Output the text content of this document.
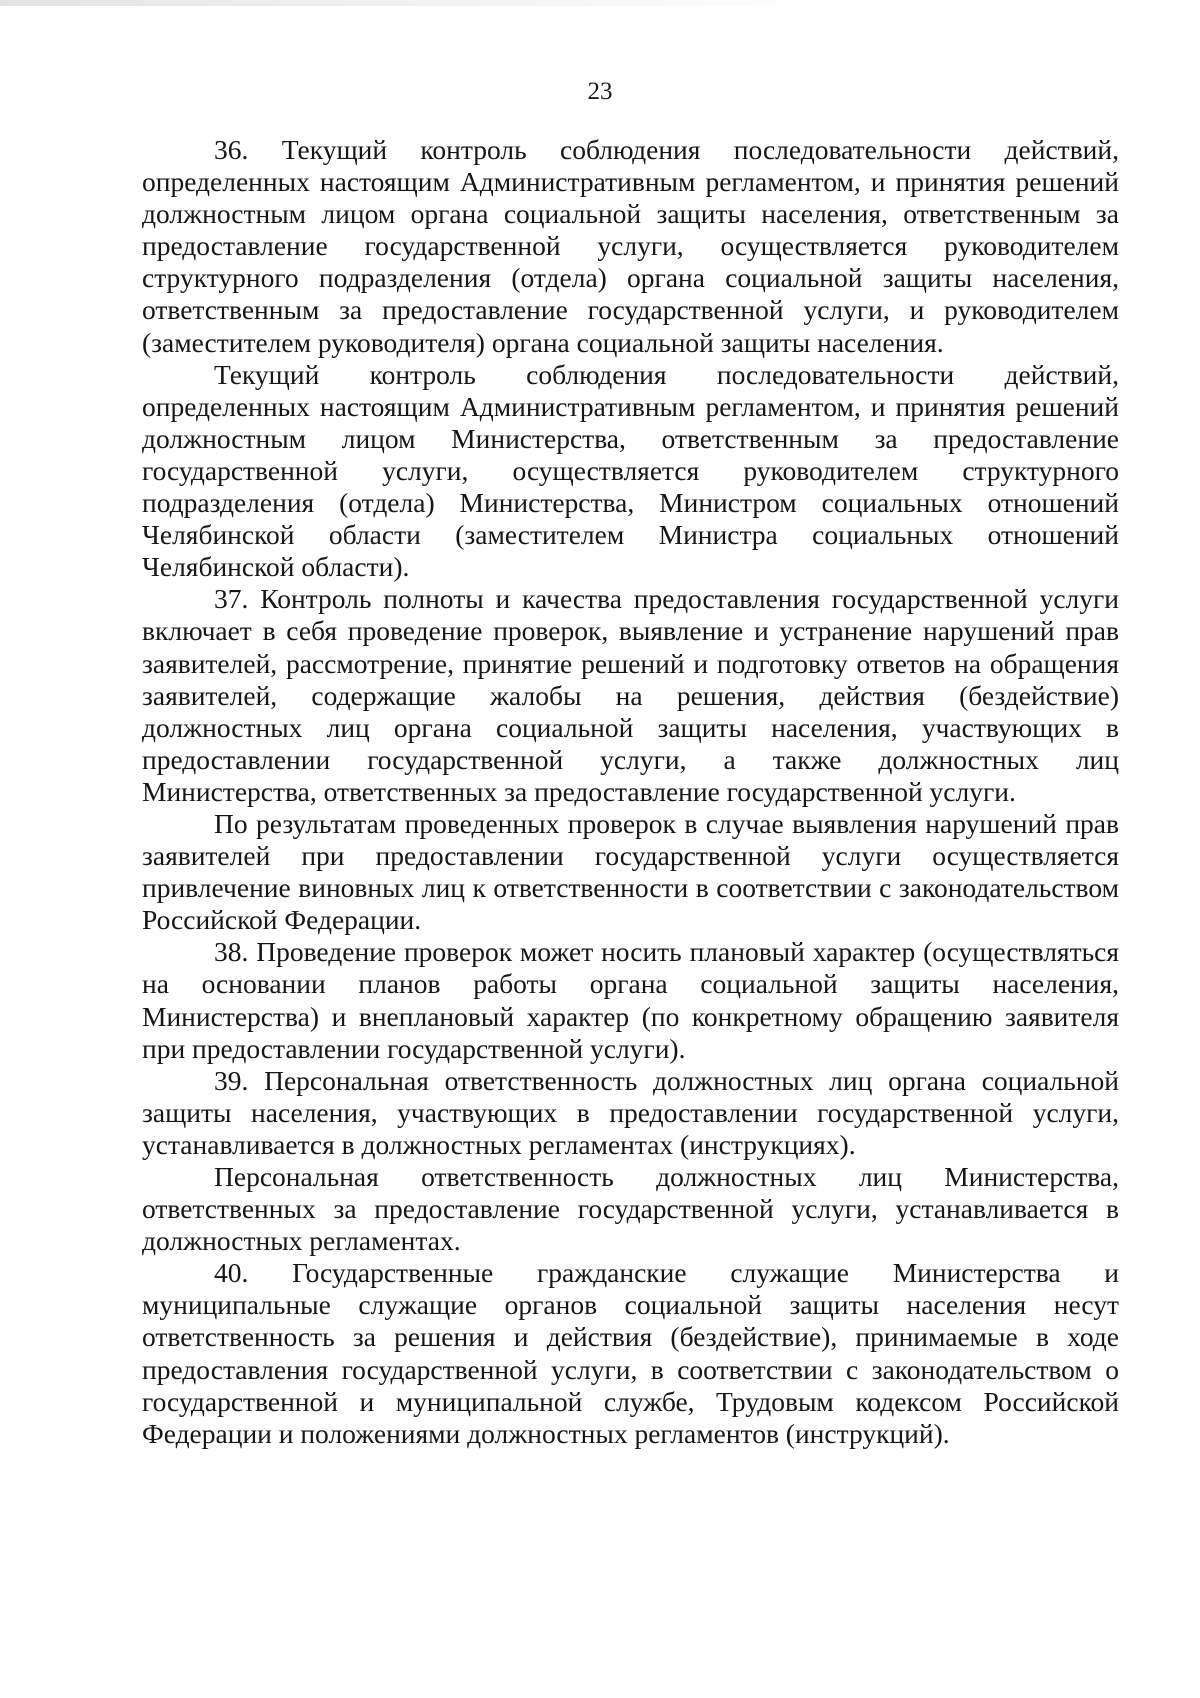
23

36. Текущий контроль соблюдения последовательности действий, определенных настоящим Административным регламентом, и принятия решений должностным лицом органа социальной защиты населения, ответственным за предоставление государственной услуги, осуществляется руководителем структурного подразделения (отдела) органа социальной защиты населения, ответственным за предоставление государственной услуги, и руководителем (заместителем руководителя) органа социальной защиты населения.

Текущий контроль соблюдения последовательности действий, определенных настоящим Административным регламентом, и принятия решений должностным лицом Министерства, ответственным за предоставление государственной услуги, осуществляется руководителем структурного подразделения (отдела) Министерства, Министром социальных отношений Челябинской области (заместителем Министра социальных отношений Челябинской области).

37. Контроль полноты и качества предоставления государственной услуги включает в себя проведение проверок, выявление и устранение нарушений прав заявителей, рассмотрение, принятие решений и подготовку ответов на обращения заявителей, содержащие жалобы на решения, действия (бездействие) должностных лиц органа социальной защиты населения, участвующих в предоставлении государственной услуги, а также должностных лиц Министерства, ответственных за предоставление государственной услуги.

По результатам проведенных проверок в случае выявления нарушений прав заявителей при предоставлении государственной услуги осуществляется привлечение виновных лиц к ответственности в соответствии с законодательством Российской Федерации.

38. Проведение проверок может носить плановый характер (осуществляться на основании планов работы органа социальной защиты населения, Министерства) и внеплановый характер (по конкретному обращению заявителя при предоставлении государственной услуги).

39. Персональная ответственность должностных лиц органа социальной защиты населения, участвующих в предоставлении государственной услуги, устанавливается в должностных регламентах (инструкциях).

Персональная ответственность должностных лиц Министерства, ответственных за предоставление государственной услуги, устанавливается в должностных регламентах.

40. Государственные гражданские служащие Министерства и муниципальные служащие органов социальной защиты населения несут ответственность за решения и действия (бездействие), принимаемые в ходе предоставления государственной услуги, в соответствии с законодательством о государственной и муниципальной службе, Трудовым кодексом Российской Федерации и положениями должностных регламентов (инструкций).
